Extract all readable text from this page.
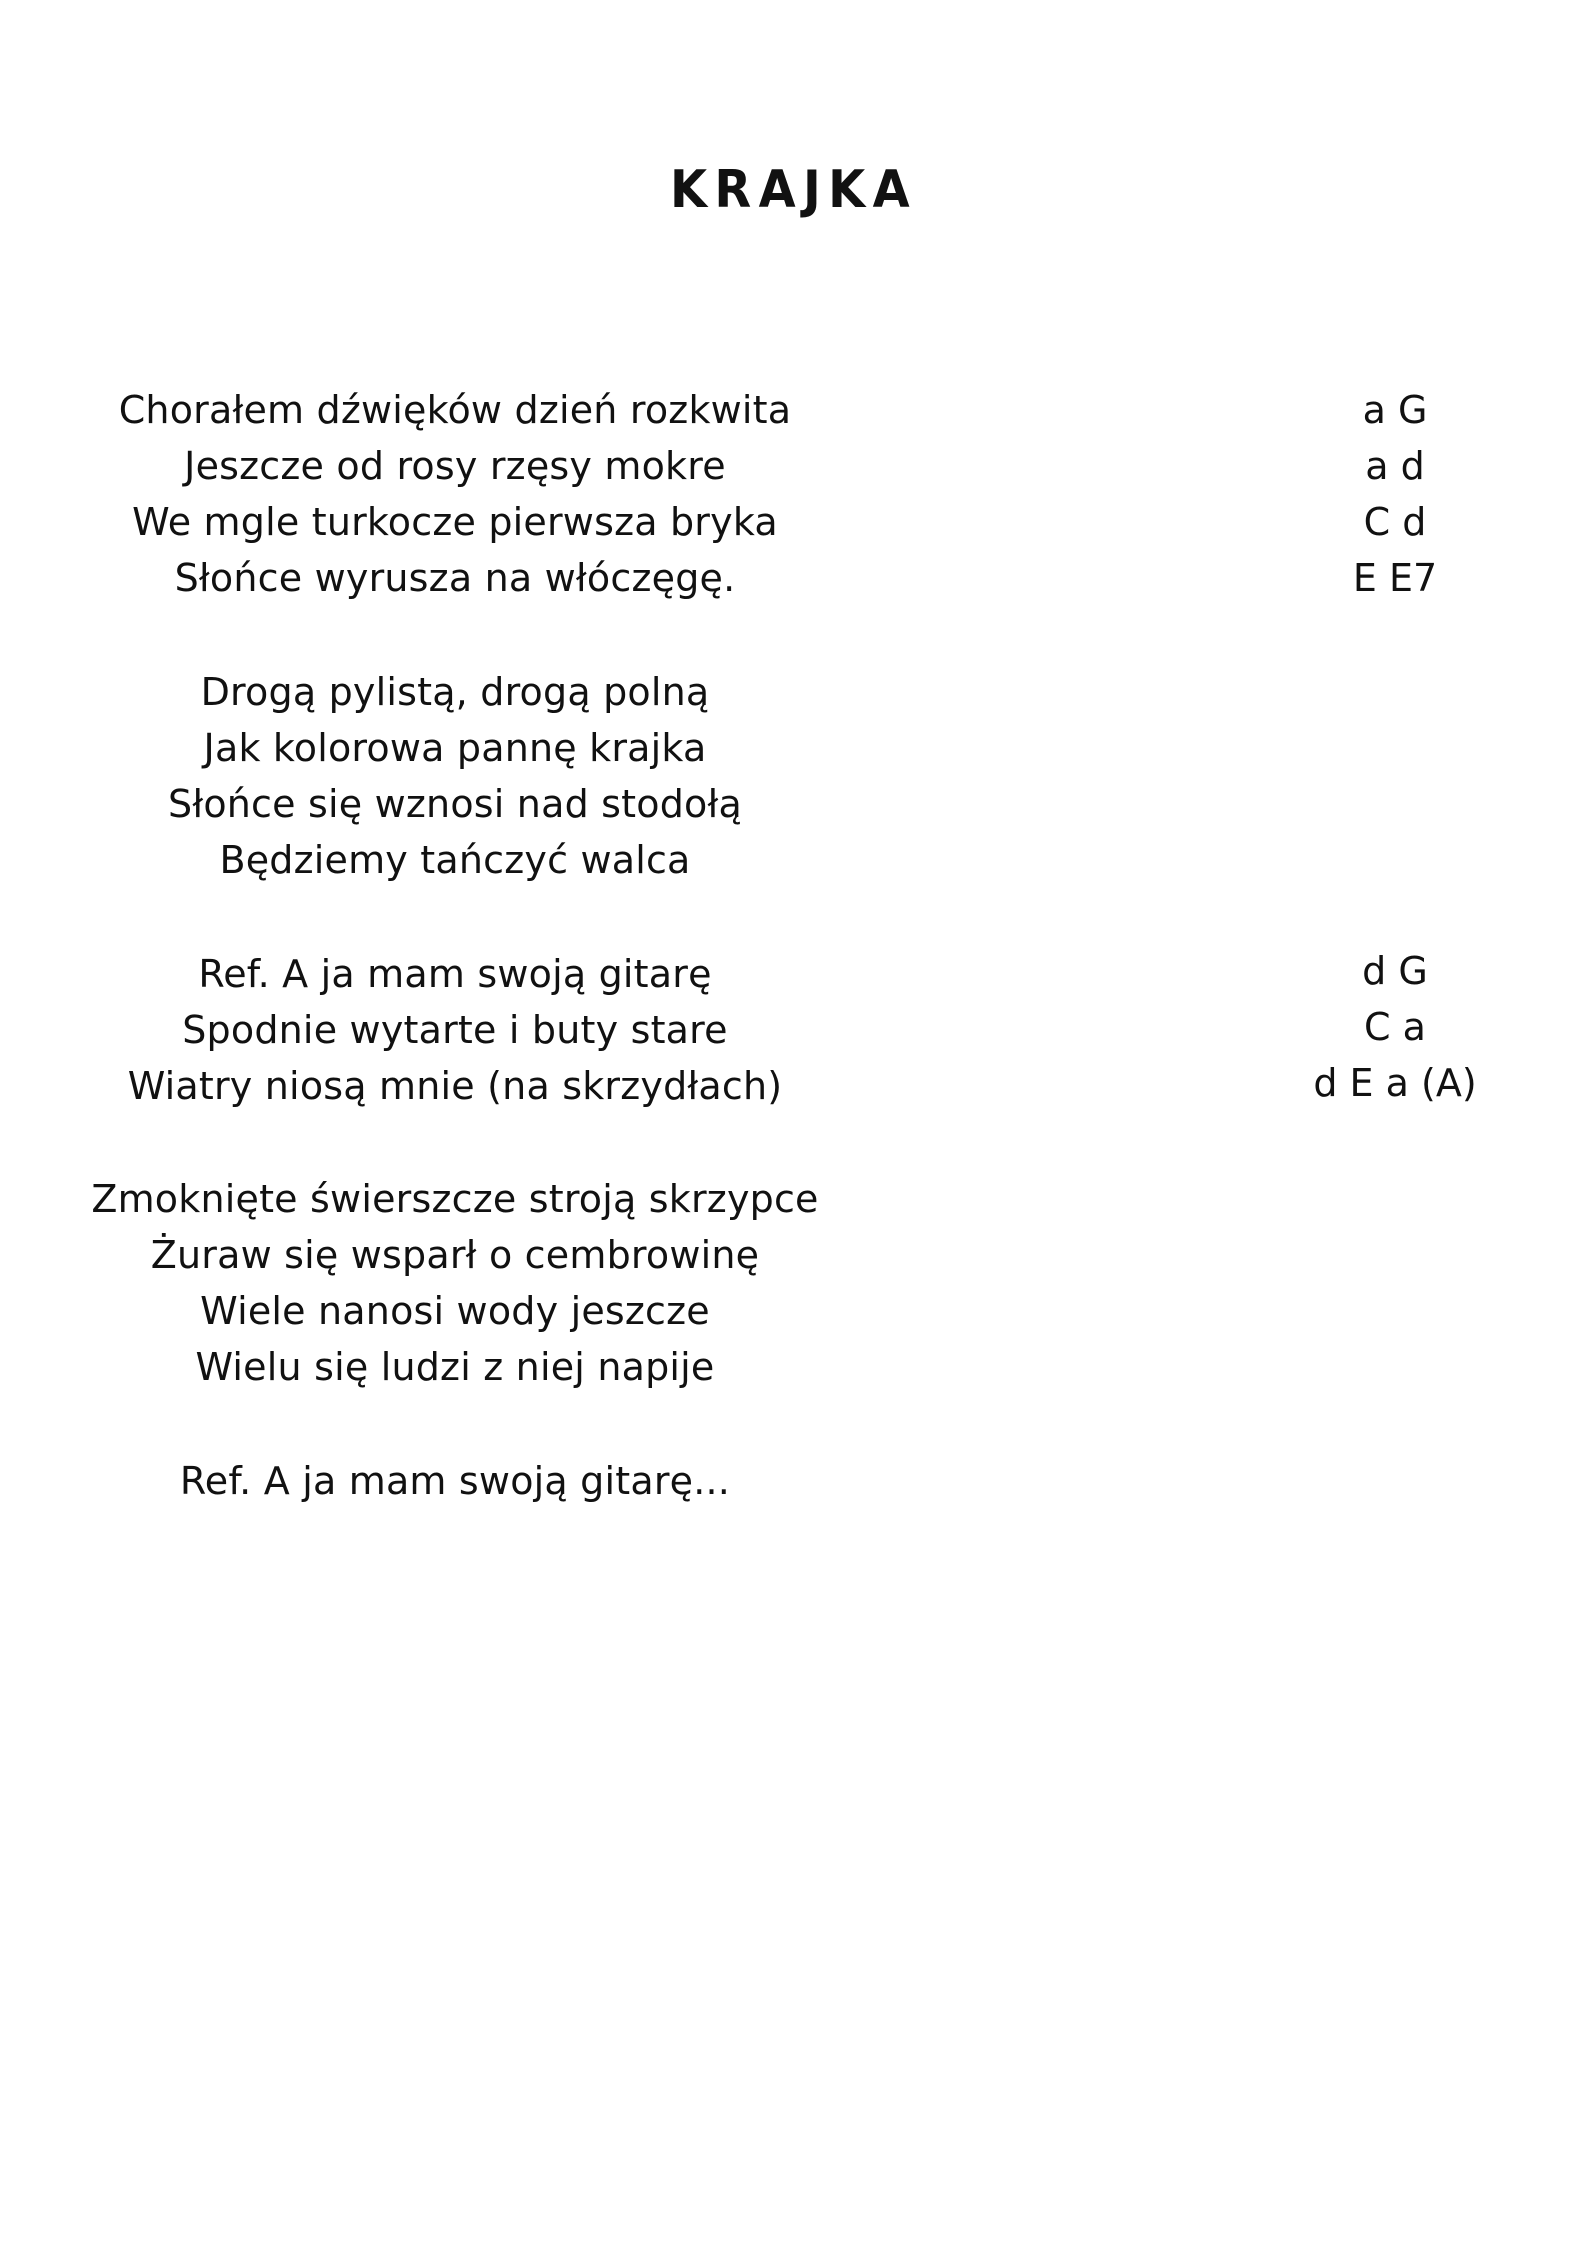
KRAJKA
Chorałem dźwięków dzień rozkwita
Jeszcze od rosy rzęsy mokre
We mgle turkocze pierwsza bryka
Słońce wyrusza na włóczęgę.
a G
a d
C d
E E7
Drogą pylistą, drogą polną
Jak kolorowa pannę krajka
Słońce się wznosi nad stodołą
Będziemy tańczyć walca
Ref. A ja mam swoją gitarę
Spodnie wytarte i buty stare
Wiatry niosą mnie (na skrzydłach)
d G
C a
d E a (A)
Zmoknięte świerszcze stroją skrzypce
Żuraw się wsparł o cembrowinę
Wiele nanosi wody jeszcze
Wielu się ludzi z niej napije
Ref. A ja mam swoją gitarę...
